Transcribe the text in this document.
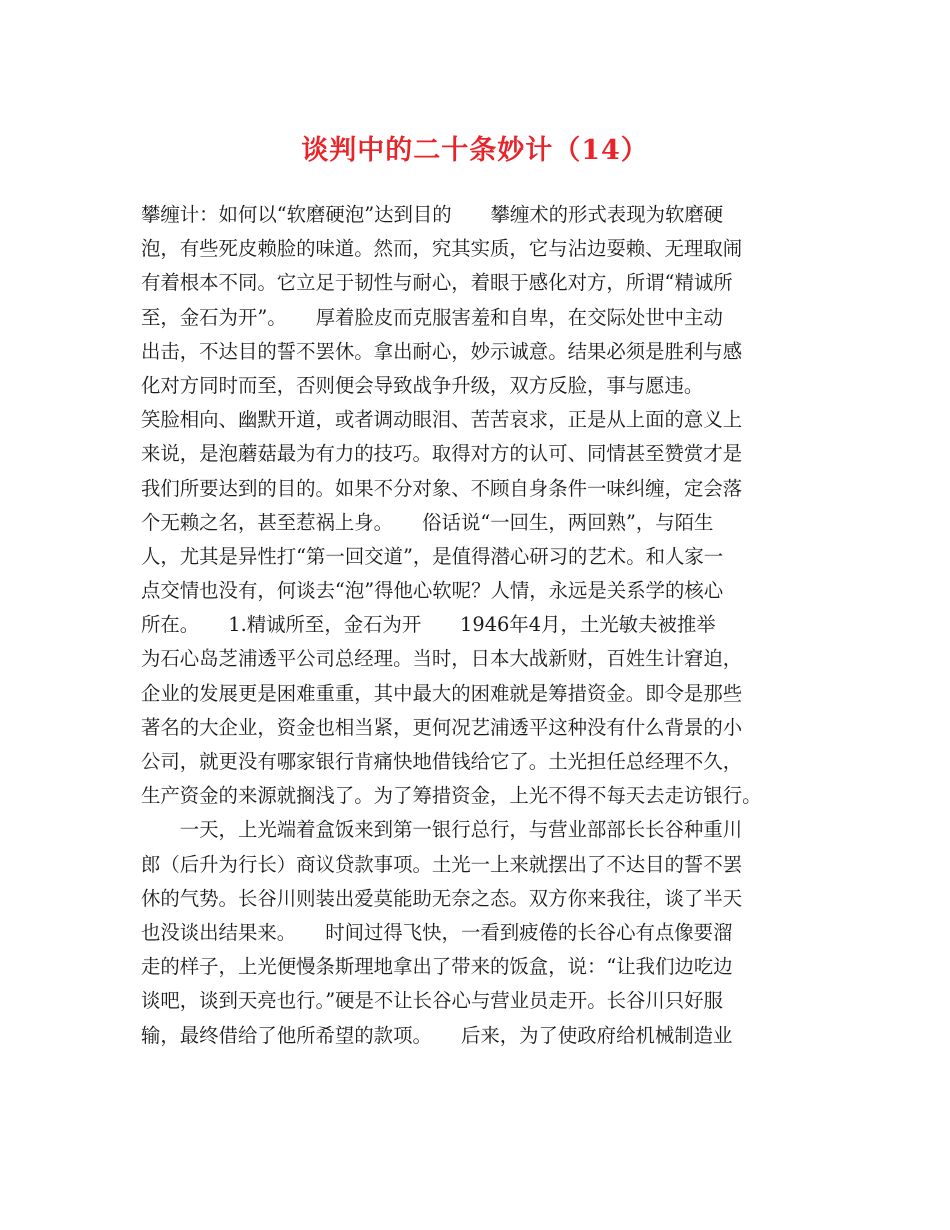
谈判中的二十条妙计（14）
攀缠计：如何以“软磨硬泡”达到目的　　攀缠术的形式表现为软磨硬
泡，有些死皮赖脸的味道。然而，究其实质，它与沾边耍赖、无理取闹
有着根本不同。它立足于韧性与耐心，着眼于感化对方，所谓“精诚所
至，金石为开”。　　厚着脸皮而克服害羞和自卑，在交际处世中主动
出击，不达目的誓不罢休。拿出耐心，妙示诚意。结果必须是胜利与感
化对方同时而至，否则便会导致战争升级，双方反脸，事与愿违。
笑脸相向、幽默开道，或者调动眼泪、苦苦哀求，正是从上面的意义上
来说，是泡蘑菇最为有力的技巧。取得对方的认可、同情甚至赞赏才是
我们所要达到的目的。如果不分对象、不顾自身条件一味纠缠，定会落
个无赖之名，甚至惹祸上身。　　俗话说“一回生，两回熟”，与陌生
人，尤其是异性打“第一回交道”，是值得潜心研习的艺术。和人家一
点交情也没有，何谈去“泡”得他心软呢？人情，永远是关系学的核心
所在。　　1.精诚所至，金石为开　　1946年4月，土光敏夫被推举
为石心岛芝浦透平公司总经理。当时，日本大战新财，百姓生计窘迫，
企业的发展更是困难重重，其中最大的困难就是筹措资金。即令是那些
著名的大企业，资金也相当紧，更何况艺浦透平这种没有什么背景的小
公司，就更没有哪家银行肯痛快地借钱给它了。土光担任总经理不久，
生产资金的来源就搁浅了。为了筹措资金，上光不得不每天去走访银行。
　　一天，上光端着盒饭来到第一银行总行，与营业部部长长谷种重川
郎（后升为行长）商议贷款事项。土光一上来就摆出了不达目的誓不罢
休的气势。长谷川则装出爱莫能助无奈之态。双方你来我往，谈了半天
也没谈出结果来。　　时间过得飞快，一看到疲倦的长谷心有点像要溜
走的样子，上光便慢条斯理地拿出了带来的饭盒，说：“让我们边吃边
谈吧，谈到天亮也行。”硬是不让长谷心与营业员走开。长谷川只好服
输，最终借给了他所希望的款项。　　后来，为了使政府给机械制造业
